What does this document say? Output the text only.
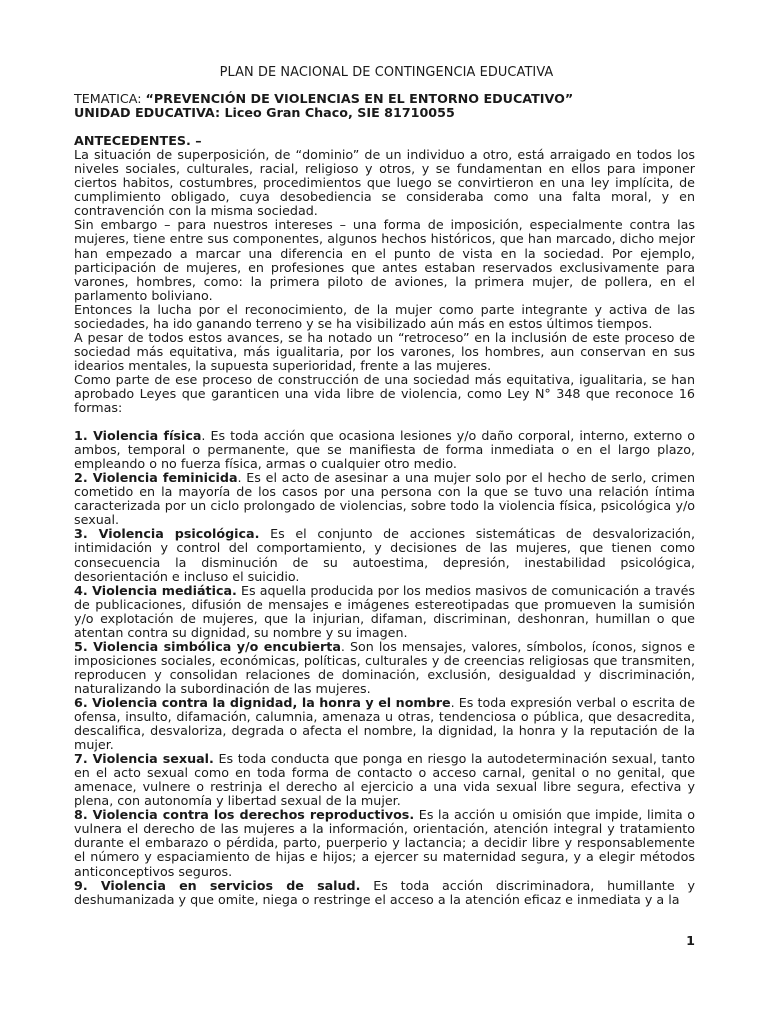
PLAN DE NACIONAL DE CONTINGENCIA EDUCATIVA
TEMATICA: “PREVENCIÓN DE VIOLENCIAS EN EL ENTORNO EDUCATIVO”
UNIDAD EDUCATIVA: Liceo Gran Chaco, SIE 81710055
ANTECEDENTES. –

La situación de superposición, de “dominio” de un individuo a otro, está arraigado en todos los niveles sociales, culturales, racial, religioso y otros, y se fundamentan en ellos para imponer ciertos habitos, costumbres, procedimientos que luego se convirtieron en una ley implícita, de cumplimiento obligado, cuya desobediencia se consideraba como una falta moral, y en contravención con la misma sociedad.

Sin embargo – para nuestros intereses – una forma de imposición, especialmente contra las mujeres, tiene entre sus componentes, algunos hechos históricos, que han marcado, dicho mejor han empezado a marcar una diferencia en el punto de vista en la sociedad. Por ejemplo, participación de mujeres, en profesiones que antes estaban reservados exclusivamente para varones, hombres, como: la primera piloto de aviones, la primera mujer, de pollera, en el parlamento boliviano.

Entonces la lucha por el reconocimiento, de la mujer como parte integrante y activa de las sociedades, ha ido ganando terreno y se ha visibilizado aún más en estos últimos tiempos.

A pesar de todos estos avances, se ha notado un “retroceso” en la inclusión de este proceso de sociedad más equitativa, más igualitaria, por los varones, los hombres, aun conservan en sus idearios mentales, la supuesta superioridad, frente a las mujeres.

Como parte de ese proceso de construcción de una sociedad más equitativa, igualitaria, se han aprobado Leyes que garanticen una vida libre de violencia, como Ley N° 348 que reconoce 16 formas:

1. Violencia física. Es toda acción que ocasiona lesiones y/o daño corporal, interno, externo o ambos, temporal o permanente, que se manifiesta de forma inmediata o en el largo plazo, empleando o no fuerza física, armas o cualquier otro medio.
2. Violencia feminicida. Es el acto de asesinar a una mujer solo por el hecho de serlo, crimen cometido en la mayoría de los casos por una persona con la que se tuvo una relación íntima caracterizada por un ciclo prolongado de violencias, sobre todo la violencia física, psicológica y/o sexual.
3. Violencia psicológica. Es el conjunto de acciones sistemáticas de desvalorización, intimidación y control del comportamiento, y decisiones de las mujeres, que tienen como consecuencia la disminución de su autoestima, depresión, inestabilidad psicológica, desorientación e incluso el suicidio.
4. Violencia mediática. Es aquella producida por los medios masivos de comunicación a través de publicaciones, difusión de mensajes e imágenes estereotipadas que promueven la sumisión y/o explotación de mujeres, que la injurian, difaman, discriminan, deshonran, humillan o que atentan contra su dignidad, su nombre y su imagen.
5. Violencia simbólica y/o encubierta. Son los mensajes, valores, símbolos, íconos, signos e imposiciones sociales, económicas, políticas, culturales y de creencias religiosas que transmiten, reproducen y consolidan relaciones de dominación, exclusión, desigualdad y discriminación, naturalizando la subordinación de las mujeres.
6. Violencia contra la dignidad, la honra y el nombre. Es toda expresión verbal o escrita de ofensa, insulto, difamación, calumnia, amenaza u otras, tendenciosa o pública, que desacredita, descalifica, desvaloriza, degrada o afecta el nombre, la dignidad, la honra y la reputación de la mujer.
7. Violencia sexual. Es toda conducta que ponga en riesgo la autodeterminación sexual, tanto en el acto sexual como en toda forma de contacto o acceso carnal, genital o no genital, que amenace, vulnere o restrinja el derecho al ejercicio a una vida sexual libre segura, efectiva y plena, con autonomía y libertad sexual de la mujer.
8. Violencia contra los derechos reproductivos. Es la acción u omisión que impide, limita o vulnera el derecho de las mujeres a la información, orientación, atención integral y tratamiento durante el embarazo o pérdida, parto, puerperio y lactancia; a decidir libre y responsablemente el número y espaciamiento de hijas e hijos; a ejercer su maternidad segura, y a elegir métodos anticonceptivos seguros.
9. Violencia en servicios de salud. Es toda acción discriminadora, humillante y deshumanizada y que omite, niega o restringe el acceso a la atención eficaz e inmediata y a la
1
